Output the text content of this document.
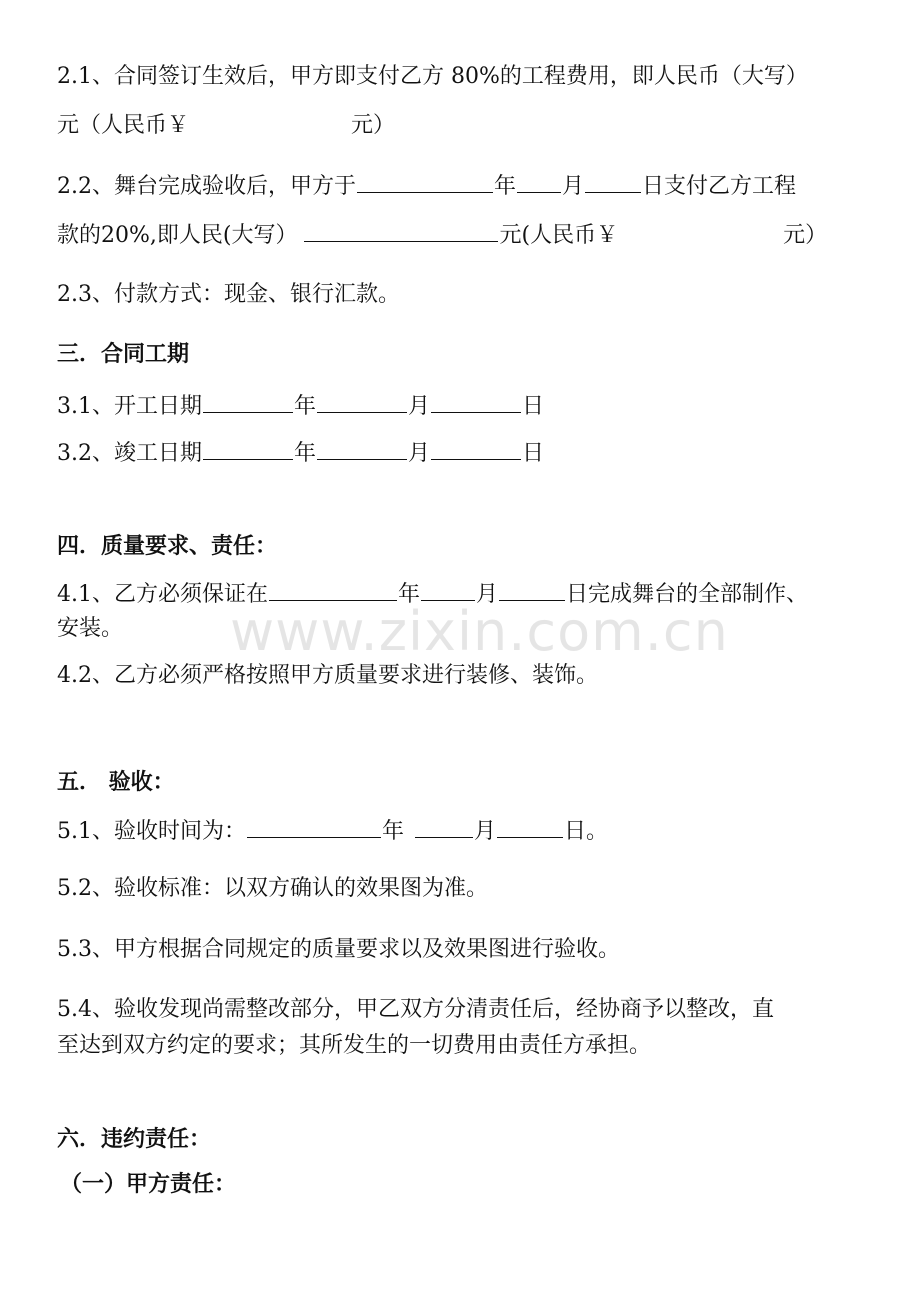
www.zixin.com.cn
2.1、合同签订生效后，甲方即支付乙方 80%的工程费用，即人民币（大写）
元（人民币￥	元）
2.2、舞台完成验收后，甲方于	年 月	日支付乙方工程
款的20%,即人民(大写）	元(人民币￥	元）
2.3、付款方式：现金、银行汇款。
三．合同工期
3.1、开工日期	年	月	日
3.2、竣工日期	年	月	日
四．质量要求、责任：
4.1、乙方必须保证在	年	月	日完成舞台的全部制作、
安装。
4.2、乙方必须严格按照甲方质量要求进行装修、装饰。
五． 验收：
5.1、验收时间为：	年	月	日。
5.2、验收标准：以双方确认的效果图为准。
5.3、甲方根据合同规定的质量要求以及效果图进行验收。
5.4、验收发现尚需整改部分，甲乙双方分清责任后，经协商予以整改，直
至达到双方约定的要求；其所发生的一切费用由责任方承担。
六．违约责任：
（一）甲方责任：
